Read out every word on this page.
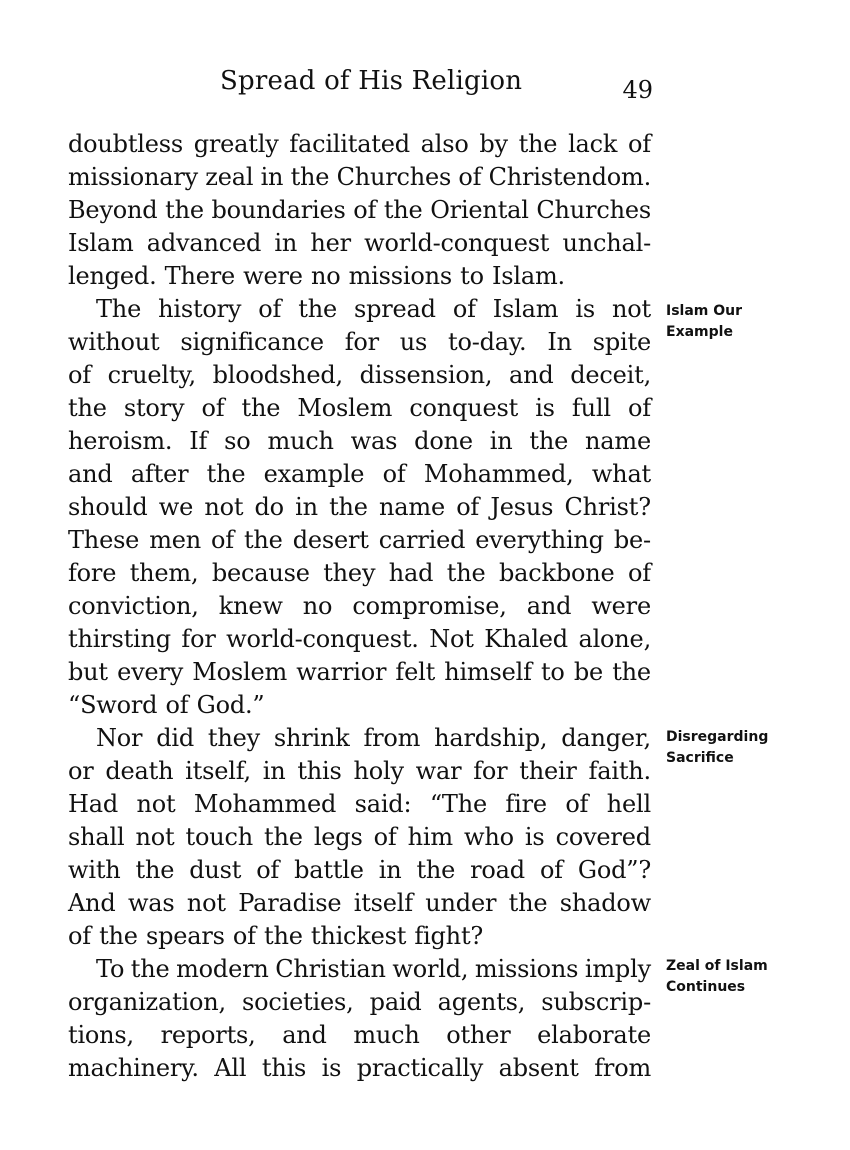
Spread of His Religion	49
doubtless greatly facilitated also by the lack of
missionary zeal in the Churches of Christendom.
Beyond the boundaries of the Oriental Churches
Islam advanced in her world-conquest unchal-
lenged. There were no missions to Islam.
The history of the spread of Islam is not
without significance for us to-day. In spite
of cruelty, bloodshed, dissension, and deceit,
the story of the Moslem conquest is full of
heroism. If so much was done in the name
and after the example of Mohammed, what
should we not do in the name of Jesus Christ?
These men of the desert carried everything be-
fore them, because they had the backbone of
conviction, knew no compromise, and were
thirsting for world-conquest. Not Khaled alone,
but every Moslem warrior felt himself to be the
“Sword of God.”
Nor did they shrink from hardship, danger,
or death itself, in this holy war for their faith.
Had not Mohammed said: “The fire of hell
shall not touch the legs of him who is covered
with the dust of battle in the road of God”?
And was not Paradise itself under the shadow
of the spears of the thickest fight?
To the modern Christian world, missions imply
organization, societies, paid agents, subscrip-
tions, reports, and much other elaborate
machinery. All this is practically absent from
Islam Our
Example
Disregarding
Sacrifice
Zeal of Islam
Continues
